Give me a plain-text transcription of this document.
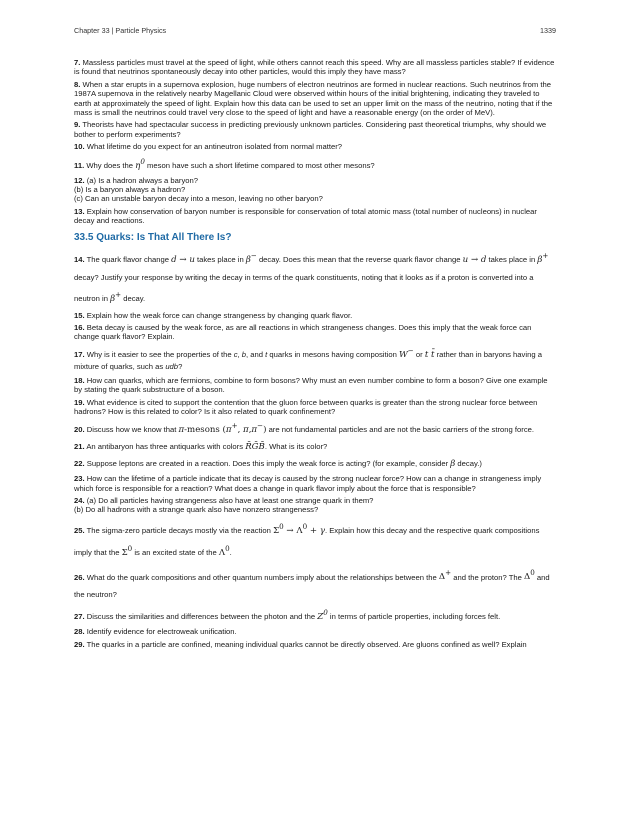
Chapter 33 | Particle Physics	1339

7. Massless particles must travel at the speed of light, while others cannot reach this speed. Why are all massless particles stable? If evidence is found that neutrinos spontaneously decay into other particles, would this imply they have mass?

8. When a star erupts in a supernova explosion, huge numbers of electron neutrinos are formed in nuclear reactions. Such neutrinos from the 1987A supernova in the relatively nearby Magellanic Cloud were observed within hours of the initial brightening, indicating they traveled to earth at approximately the speed of light. Explain how this data can be used to set an upper limit on the mass of the neutrino, noting that if the mass is small the neutrinos could travel very close to the speed of light and have a reasonable energy (on the order of MeV).

9. Theorists have had spectacular success in predicting previously unknown particles. Considering past theoretical triumphs, why should we bother to perform experiments?

10. What lifetime do you expect for an antineutron isolated from normal matter?

11. Why does the $\eta^0$ meson have such a short lifetime compared to most other mesons?

12. (a) Is a hadron always a baryon?

(b) Is a baryon always a hadron?

(c) Can an unstable baryon decay into a meson, leaving no other baryon?

13. Explain how conservation of baryon number is responsible for conservation of total atomic mass (total number of nucleons) in nuclear decay and reactions.

33.5 Quarks: Is That All There Is?

14. The quark flavor change d → u takes place in β− decay. Does this mean that the reverse quark flavor change u → d takes place in β+ decay? Justify your response by writing the decay in terms of the quark constituents, noting that it looks as if a proton is converted into a neutron in β+ decay.

15. Explain how the weak force can change strangeness by changing quark flavor.

16. Beta decay is caused by the weak force, as are all reactions in which strangeness changes. Does this imply that the weak force can change quark flavor? Explain.

17. Why is it easier to see the properties of the c, b, and t quarks in mesons having composition W− or t t̄ rather than in baryons having a mixture of quarks, such as udb?

18. How can quarks, which are fermions, combine to form bosons? Why must an even number combine to form a boson? Give one example by stating the quark substructure of a boson.

19. What evidence is cited to support the contention that the gluon force between quarks is greater than the strong nuclear force between hadrons? How is this related to color? Is it also related to quark confinement?

20. Discuss how we know that π-mesons (π+, π,π−) are not fundamental particles and are not the basic carriers of the strong force.

21. An antibaryon has three antiquarks with colors R̄ḠB̄. What is its color?

22. Suppose leptons are created in a reaction. Does this imply the weak force is acting? (for example, consider β decay.)

23. How can the lifetime of a particle indicate that its decay is caused by the strong nuclear force? How can a change in strangeness imply which force is responsible for a reaction? What does a change in quark flavor imply about the force that is responsible?

24. (a) Do all particles having strangeness also have at least one strange quark in them?

(b) Do all hadrons with a strange quark also have nonzero strangeness?

25. The sigma-zero particle decays mostly via the reaction $\Sigma^0 \to \Lambda^0 + \gamma$. Explain how this decay and the respective quark compositions imply that the $\Sigma^0$ is an excited state of the $\Lambda^0$.

26. What do the quark compositions and other quantum numbers imply about the relationships between the Δ+ and the proton? The $\Delta^0$ and the neutron?

27. Discuss the similarities and differences between the photon and the $Z^0$ in terms of particle properties, including forces felt.

28. Identify evidence for electroweak unification.

29. The quarks in a particle are confined, meaning individual quarks cannot be directly observed. Are gluons confined as well? Explain
